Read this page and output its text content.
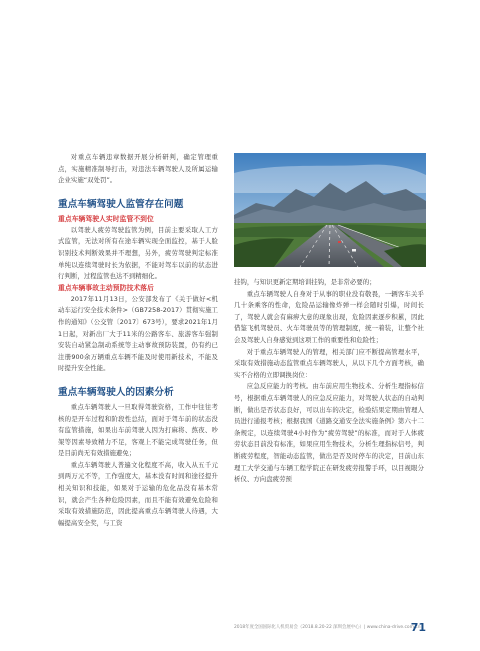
对重点车辆违章数据开展分析研判，确定管理重点，实施精准制导打击，对违法车辆驾驶人及所属运输企业实施“双处罚”。

重点车辆驾驶人监管存在问题
重点车辆驾驶人实时监管不到位

以驾驶人疲劳驾驶监管为例，目前主要采取人工方式监管，无法对所有在途车辆实现全面监控，基于人脸识别技术判断效果并不理想，另外，疲劳驾驶判定标准单纯以连续驾驶时长为依据，不能对驾车以前的状态进行判断，过程监管也达不到精细化。

重点车辆事故主动预防技术落后

2017年11月13日，公安部发布了《关于做好<机动车运行安全技术条件>（GB7258-2017）贯彻实施工作的通知》（公交管〔2017〕673号），要求2021年1月1日起，对新出厂大于11米的公路客车、旅游客车强制安装自动紧急制动系统等主动事故预防装置，仍有约已注册900余万辆重点车辆不能及时使用新技术，不能及时提升安全性能。

重点车辆驾驶人的因素分析

重点车辆驾驶人一旦取得驾驶资格，工作中往往考核的是开车过程和阶段性总结，面对于驾车前的状态没有监管措施，如果出车前驾驶人因为打麻将、熬夜、吵架等因素导致精力不足，客观上不能完成驾驶任务，但是目前尚无有效措施避免；

重点车辆驾驶人普遍文化程度不高，收入从五千元到两万元不等，工作强度大，基本没有时间和途径提升相关知识和技能，如果对于运输的危化品没有基本常识，就会产生各种危险因素，而且不能有效避免危险和采取有效措施防范，因此提高重点车辆驾驶人待遇，大幅提高安全奖，与工资

挂钩，与知识更新定期培训挂钩，是非常必要的；

重点车辆驾驶人自身对于从事的职业没有敬畏，一辆客车关乎几十条乘客的性命，危险品运输像炸弹一样会随时引爆，时间长了，驾驶人就会有麻痹大意的现象出现，危险因素逐步积累，因此借鉴飞机驾驶员、火车驾驶员等的管理制度，统一着装，让整个社会及驾驶人自身感觉到这项工作的重要性和危险性；

对于重点车辆驾驶人的管理，相关部门应不断提高管理水平，采取有效措施动态监管重点车辆驾驶人，从以下几个方面考核，确实不合格的立即调换岗位：

应急反应能力的考核。由车前应用生物技术、分析生理指标信号，根据重点车辆驾驶人的应急反应能力，对驾驶人状态的自动判断，做出是否状态良好，可以出车的决定，检验结果定期由管理人员进行通报考核；根据我国《道路交通安全法实施条例》第六十二条规定，以连续驾驶4小时作为“疲劳驾驶”的标准，而对于人体疲劳状态目前没有标准，如果应用生物技术，分析生理指标信号，判断疲劳程度，智能动态监管，做出是否及时停车的决定，目前山东理工大学交通与车辆工程学院正在研发疲劳报警手环，以目视眼分析仪、方向盘疲劳预

2018年度全国国际化人机贸易会（2018.8.20-22 深圳会展中心）| www.china-drive.com.cn
71
